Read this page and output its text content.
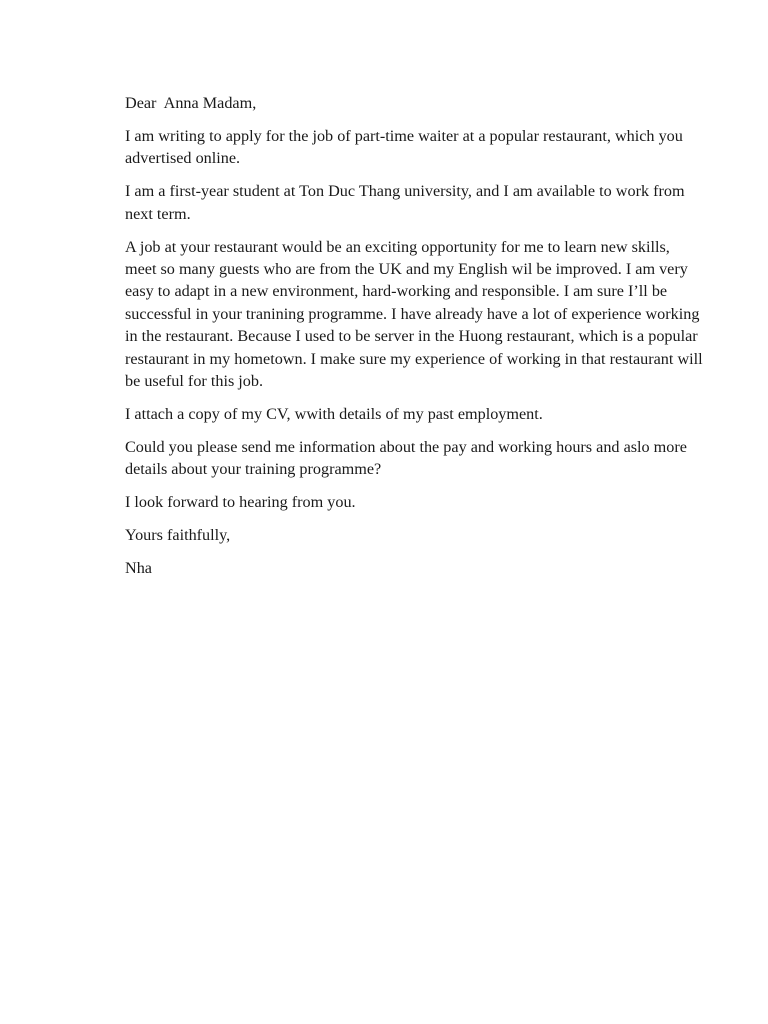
Dear  Anna Madam,

I am writing to apply for the job of part-time waiter at a popular restaurant, which you advertised online.

I am a first-year student at Ton Duc Thang university, and I am available to work from next term.

A job at your restaurant would be an exciting opportunity for me to learn new skills, meet so many guests who are from the UK and my English wil be improved. I am very easy to adapt in a new environment, hard-working and responsible. I am sure I’ll be successful in your tranining programme. I have already have a lot of experience working in the restaurant. Because I used to be server in the Huong restaurant, which is a popular restaurant in my hometown. I make sure my experience of working in that restaurant will be useful for this job.

I attach a copy of my CV, wwith details of my past employment.

Could you please send me information about the pay and working hours and aslo more details about your training programme?

I look forward to hearing from you.

Yours faithfully,

Nha
